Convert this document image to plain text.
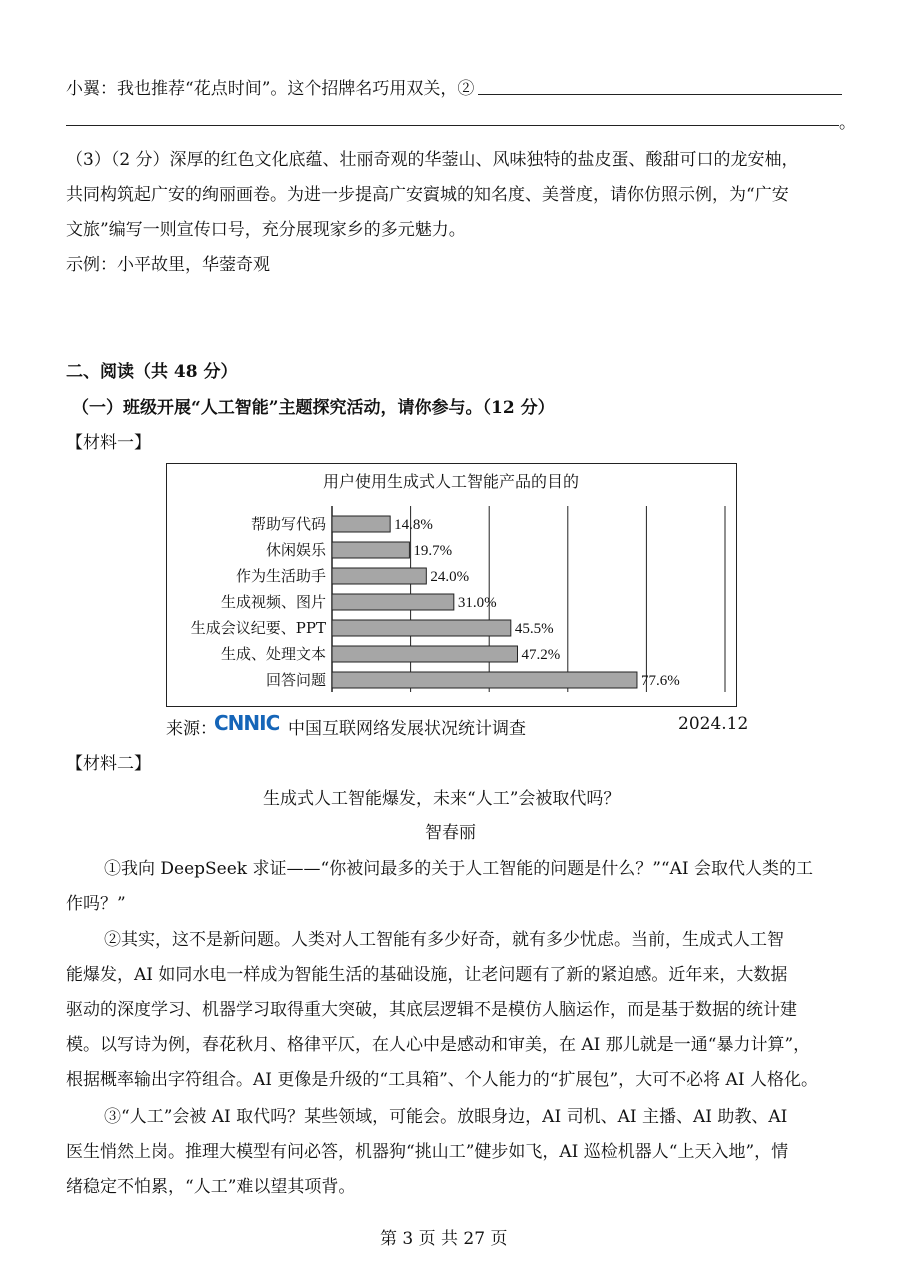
小翼：我也推荐“花点时间”。这个招牌名巧用双关，②
。
（3）（2 分）深厚的红色文化底蕴、壮丽奇观的华蓥山、风味独特的盐皮蛋、酸甜可口的龙安柚，
共同构筑起广安的绚丽画卷。为进一步提高广安賨城的知名度、美誉度，请你仿照示例，为“广安
文旅”编写一则宣传口号，充分展现家乡的多元魅力。
示例：小平故里，华蓥奇观
二、阅读（共 48 分）
（一）班级开展“人工智能”主题探究活动，请你参与。（12 分）
【材料一】
用户使用生成式人工智能产品的目的
帮助写代码	14.8%
休闲娱乐	19.7%
作为生活助手	24.0%
生成视频、图片	31.0%
生成会议纪要、PPT	45.5%
生成、处理文本	47.2%
回答问题	77.6%
来源：
CNNIC 中国互联网络发展状况统计调查	2024.12
【材料二】
生成式人工智能爆发，未来“人工”会被取代吗？
智春丽
①我向 DeepSeek 求证——“你被问最多的关于人工智能的问题是什么？”“AI 会取代人类的工
作吗？”
②其实，这不是新问题。人类对人工智能有多少好奇，就有多少忧虑。当前，生成式人工智
能爆发，AI 如同水电一样成为智能生活的基础设施，让老问题有了新的紧迫感。近年来，大数据
驱动的深度学习、机器学习取得重大突破，其底层逻辑不是模仿人脑运作，而是基于数据的统计建
模。以写诗为例，春花秋月、格律平仄，在人心中是感动和审美，在 AI 那儿就是一通“暴力计算”，
根据概率输出字符组合。AI 更像是升级的“工具箱”、个人能力的“扩展包”，大可不必将 AI 人格化。
③“人工”会被 AI 取代吗？某些领域，可能会。放眼身边，AI 司机、AI 主播、AI 助教、AI
医生悄然上岗。推理大模型有问必答，机器狗“挑山工”健步如飞，AI 巡检机器人“上天入地”，情
绪稳定不怕累，“人工”难以望其项背。
第 3 页 共 27 页
